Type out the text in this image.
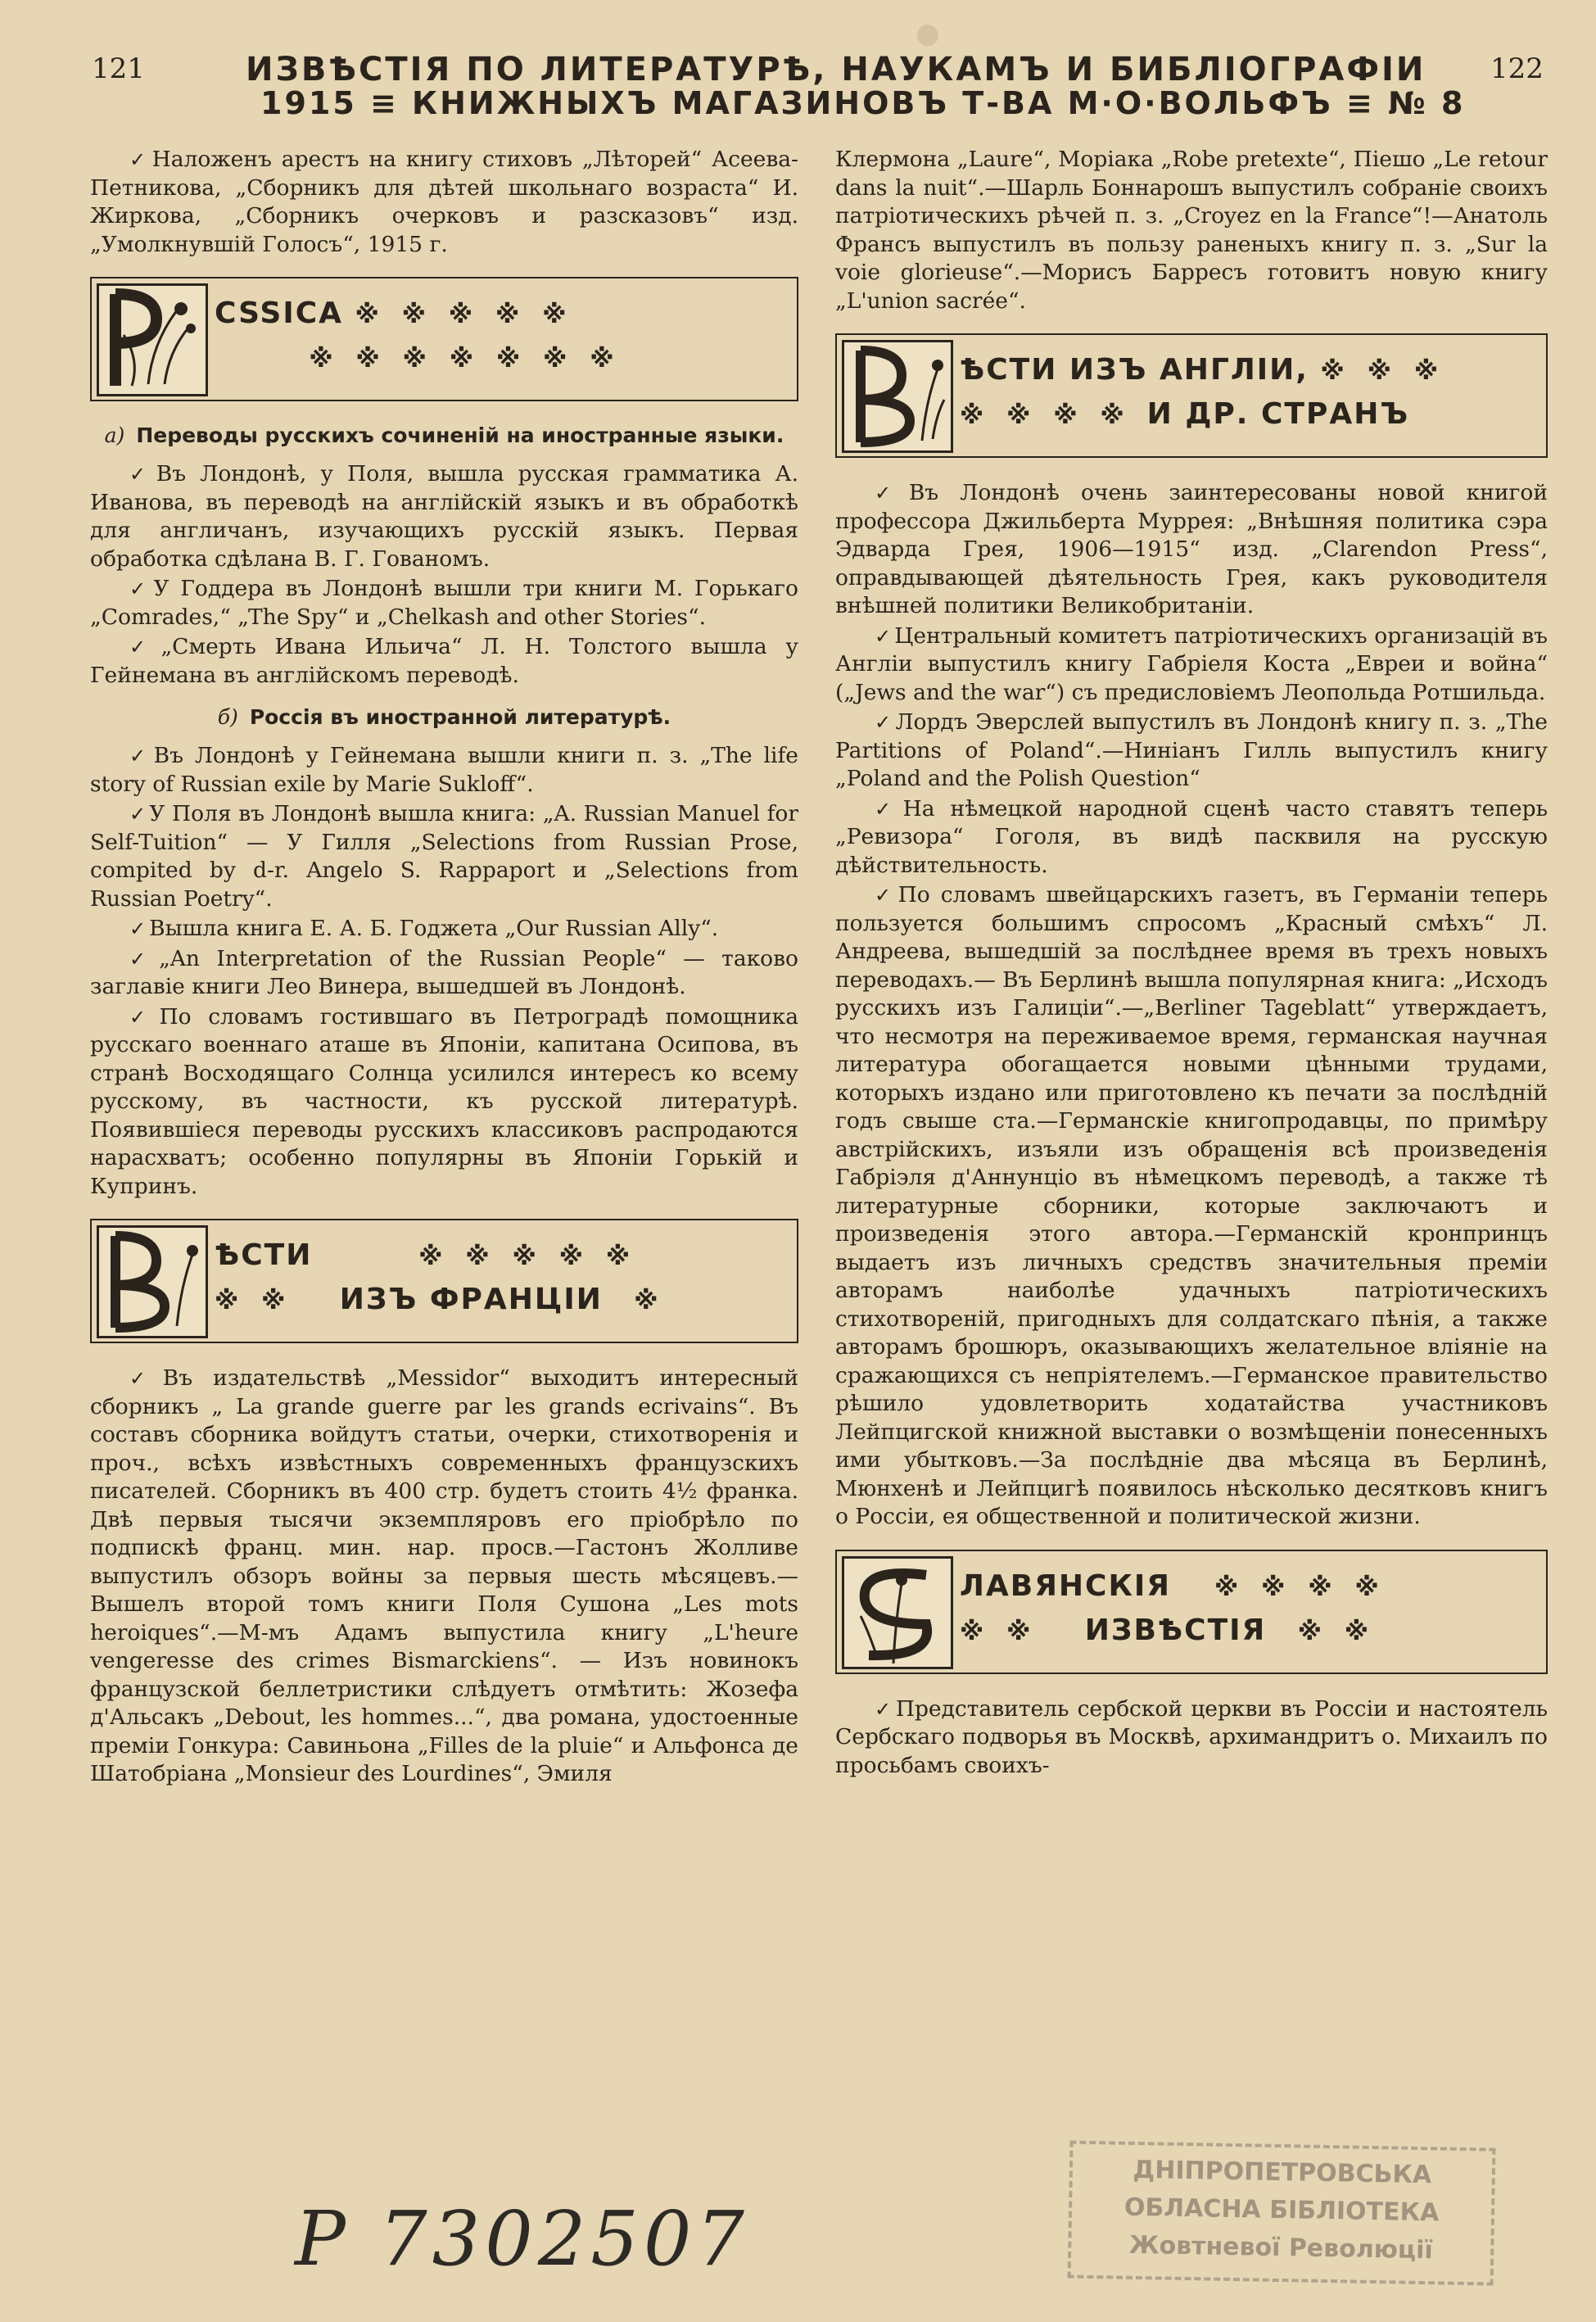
121	122
ИЗВѢСТІЯ ПО ЛИТЕРАТУРѢ, НАУКАМЪ И БИБЛІОГРАФІИ
1915 ≡ КНИЖНЫХЪ МАГАЗИНОВЪ Т-ВА М·О·ВОЛЬФЪ ≡ № 8

✓ Наложенъ арестъ на книгу стиховъ „Лѣторей“ Асеева-Петникова, „Сборникъ для дѣтей школьнаго возраста“ И. Жиркова, „Сборникъ очерковъ и разсказовъ“ изд. „Умолкнувшій Голосъ“, 1915 г.

CSSICA ※※※※※
※※※※※※※
а) Переводы русскихъ сочиненій на иностранные языки.

✓ Въ Лондонѣ, у Поля, вышла русская грамматика А. Иванова, въ переводѣ на англійскій языкъ и въ обработкѣ для англичанъ, изучающихъ русскій языкъ. Первая обработка сдѣлана В. Г. Гованомъ.

✓ У Годдера въ Лондонѣ вышли три книги М. Горькаго „Comrades,“ „The Spy“ и „Chelkash and other Stories“.

✓ „Смерть Ивана Ильича“ Л. Н. Толстого вышла у Гейнемана въ англійскомъ переводѣ.

б) Россія въ иностранной литературѣ.

✓ Въ Лондонѣ у Гейнемана вышли книги п. з. „The life story of Russian exile by Marie Sukloff“.

✓ У Поля въ Лондонѣ вышла книга: „A. Russian Manuel for Self-Tuition“ — У Гилля „Selections from Russian Prose, compited by d-r. Angelo S. Rappaport и „Selections from Russian Poetry“.

✓ Вышла книга Е. А. Б. Годжета „Our Russian Ally“.

✓ „An Interpretation of the Russian People“ — таково заглавіе книги Лео Винера, вышедшей въ Лондонѣ.

✓ По словамъ гостившаго въ Петроградѣ помощника русскаго военнаго аташе въ Японіи, капитана Осипова, въ странѣ Восходящаго Солнца усилился интересъ ко всему русскому, въ частности, къ русской литературѣ. Появившіеся переводы русскихъ классиковъ распродаются нарасхватъ; особенно популярны въ Японіи Горькій и Купринъ.

ѢСТИ    ※※※※※
※※ ИЗЪ ФРАНЦІИ ※

✓ Въ издательствѣ „Messidor“ выходитъ интересный сборникъ „ La grande guerre par les grands ecrivains“. Въ составъ сборника войдутъ статьи, очерки, стихотворенія и проч., всѣхъ извѣстныхъ современныхъ французскихъ писателей. Сборникъ въ 400 стр. будетъ стоить 4½ франка. Двѣ первыя тысячи экземпляровъ его пріобрѣло по подпискѣ франц. мин. нар. просв.—Гастонъ Жолливе выпустилъ обзоръ войны за первыя шесть мѣсяцевъ.—Вышелъ второй томъ книги Поля Сушона „Les mots heroiques“.—М-мъ Адамъ выпустила книгу „L'heure vengeresse des crimes Bismarckiens“. — Изъ новинокъ французской беллетристики слѣдуетъ отмѣтить: Жозефа д'Альсакъ „Debout, les hommes...“, два романа, удостоенные преміи Гонкура: Савиньона „Filles de la pluie“ и Альфонса де Шатобріана „Monsieur des Lourdines“, Эмиля

Клермона „Laure“, Моріака „Robe pretexte“, Піешо „Le retour dans la nuit“.—Шарль Боннарошъ выпустилъ собраніе своихъ патріотическихъ рѣчей п. з. „Croyez en la France“!—Анатоль Франсъ выпустилъ въ пользу раненыхъ книгу п. з. „Sur la voie glorieuse“.—Морисъ Барресъ готовитъ новую книгу „L'union sacrée“.

ѢСТИ ИЗЪ АНГЛІИ, ※※※
※※※※И ДР. СТРАНЪ

✓ Въ Лондонѣ очень заинтересованы новой книгой профессора Джильберта Муррея: „Внѣшняя политика сэра Эдварда Грея, 1906—1915“ изд. „Clarendon Press“, оправдывающей дѣятельность Грея, какъ руководителя внѣшней политики Великобританіи.

✓ Центральный комитетъ патріотическихъ организацій въ Англіи выпустилъ книгу Габріеля Коста „Евреи и война“ („Jews and the war“) съ предисловіемъ Леопольда Ротшильда.

✓ Лордъ Эверслей выпустилъ въ Лондонѣ книгу п. з. „The Partitions of Poland“.—Ниніанъ Гилль выпустилъ книгу „Poland and the Polish Question“

✓ На нѣмецкой народной сценѣ часто ставятъ теперь „Ревизора“ Гоголя, въ видѣ пасквиля на русскую дѣйствительность.

✓ По словамъ швейцарскихъ газетъ, въ Германіи теперь пользуется большимъ спросомъ „Красный смѣхъ“ Л. Андреева, вышедшій за послѣднее время въ трехъ новыхъ переводахъ.— Въ Берлинѣ вышла популярная книга: „Исходъ русскихъ изъ Галиціи“.—„Berliner Tageblatt“ утверждаетъ, что несмотря на переживаемое время, германская научная литература обогащается новыми цѣнными трудами, которыхъ издано или приготовлено къ печати за послѣдній годъ свыше ста.—Германскіе книгопродавцы, по примѣру австрійскихъ, изъяли изъ обращенія всѣ произведенія Габріэля д'Аннунціо въ нѣмецкомъ переводѣ, а также тѣ литературные сборники, которые заключаютъ и произведенія этого автора.—Германскій кронпринцъ выдаетъ изъ личныхъ средствъ значительныя преміи авторамъ наиболѣе удачныхъ патріотическихъ стихотвореній, пригодныхъ для солдатскаго пѣнія, а также авторамъ брошюръ, оказывающихъ желательное вліяніе на сражающихся съ непріятелемъ.—Германское правительство рѣшило удовлетворить ходатайства участниковъ Лейпцигской книжной выставки о возмѣщеніи понесенныхъ ими убытковъ.—За послѣдніе два мѣсяца въ Берлинѣ, Мюнхенѣ и Лейпцигѣ появилось нѣсколько десятковъ книгъ о Россіи, ея общественной и политической жизни.

ЛАВЯНСКІЯ  ※※※※
※※ ИЗВѢСТІЯ ※※

✓ Представитель сербской церкви въ Россіи и настоятель Сербскаго подворья въ Москвѣ, архимандритъ о. Михаилъ по просьбамъ своихъ-

Р 7302507
ДНІПРОПЕТРОВСЬКА
ОБЛАСНА БІБЛІОТЕКА
Жовтневої Революції
